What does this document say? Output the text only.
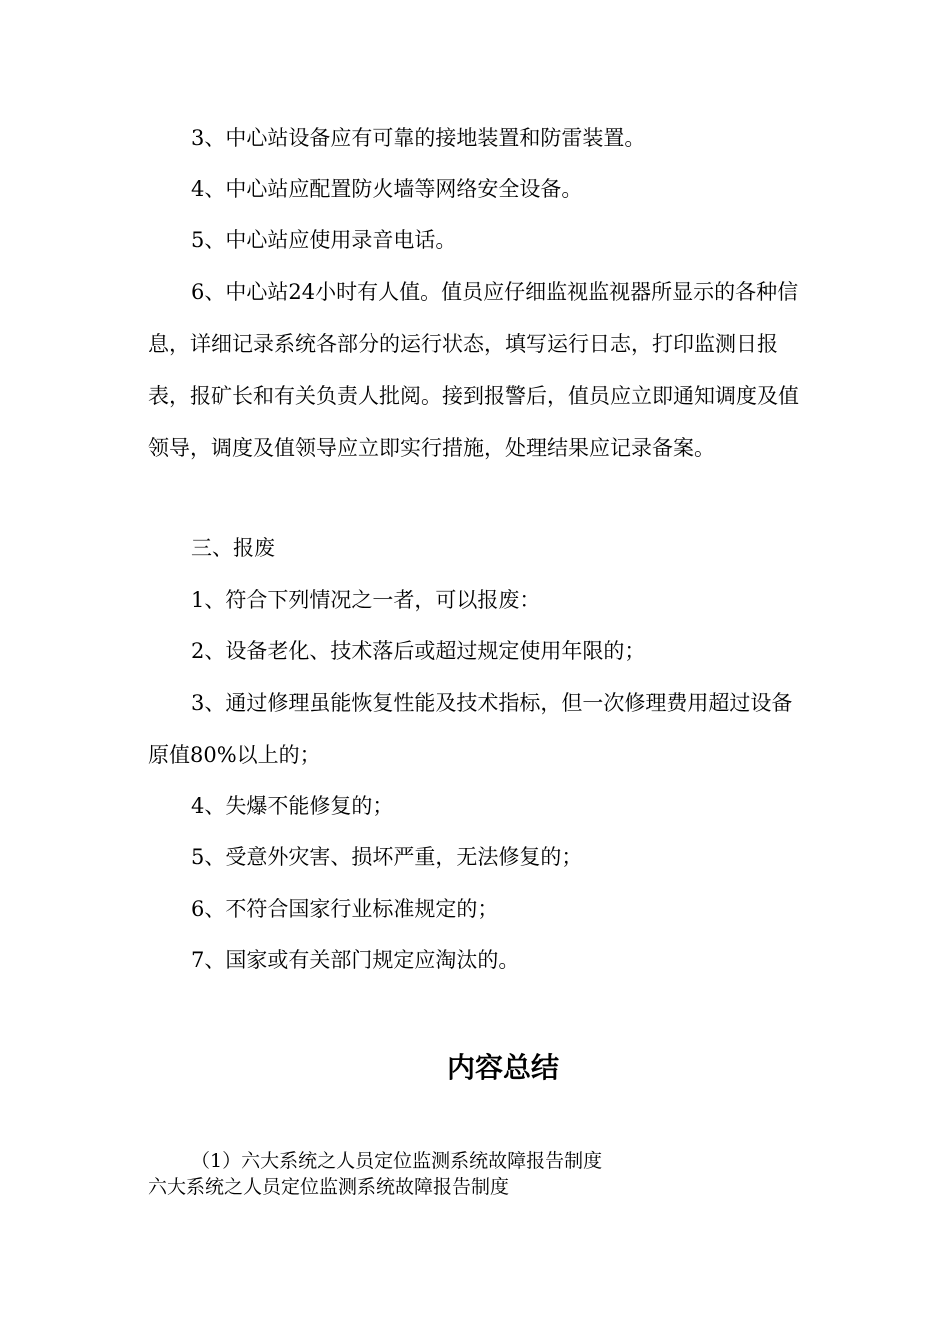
3、中心站设备应有可靠的接地装置和防雷装置。

4、中心站应配置防火墙等网络安全设备。

5、中心站应使用录音电话。

6、中心站24小时有人值。值员应仔细监视监视器所显示的各种信息，详细记录系统各部分的运行状态，填写运行日志，打印监测日报表，报矿长和有关负责人批阅。接到报警后，值员应立即通知调度及值领导，调度及值领导应立即实行措施，处理结果应记录备案。

三、报废

1、符合下列情况之一者，可以报废：

2、设备老化、技术落后或超过规定使用年限的；

3、通过修理虽能恢复性能及技术指标，但一次修理费用超过设备原值80%以上的；

4、失爆不能修复的；

5、受意外灾害、损坏严重，无法修复的；

6、不符合国家行业标准规定的；

7、国家或有关部门规定应淘汰的。

内容总结

（1）六大系统之人员定位监测系统故障报告制度

六大系统之人员定位监测系统故障报告制度
